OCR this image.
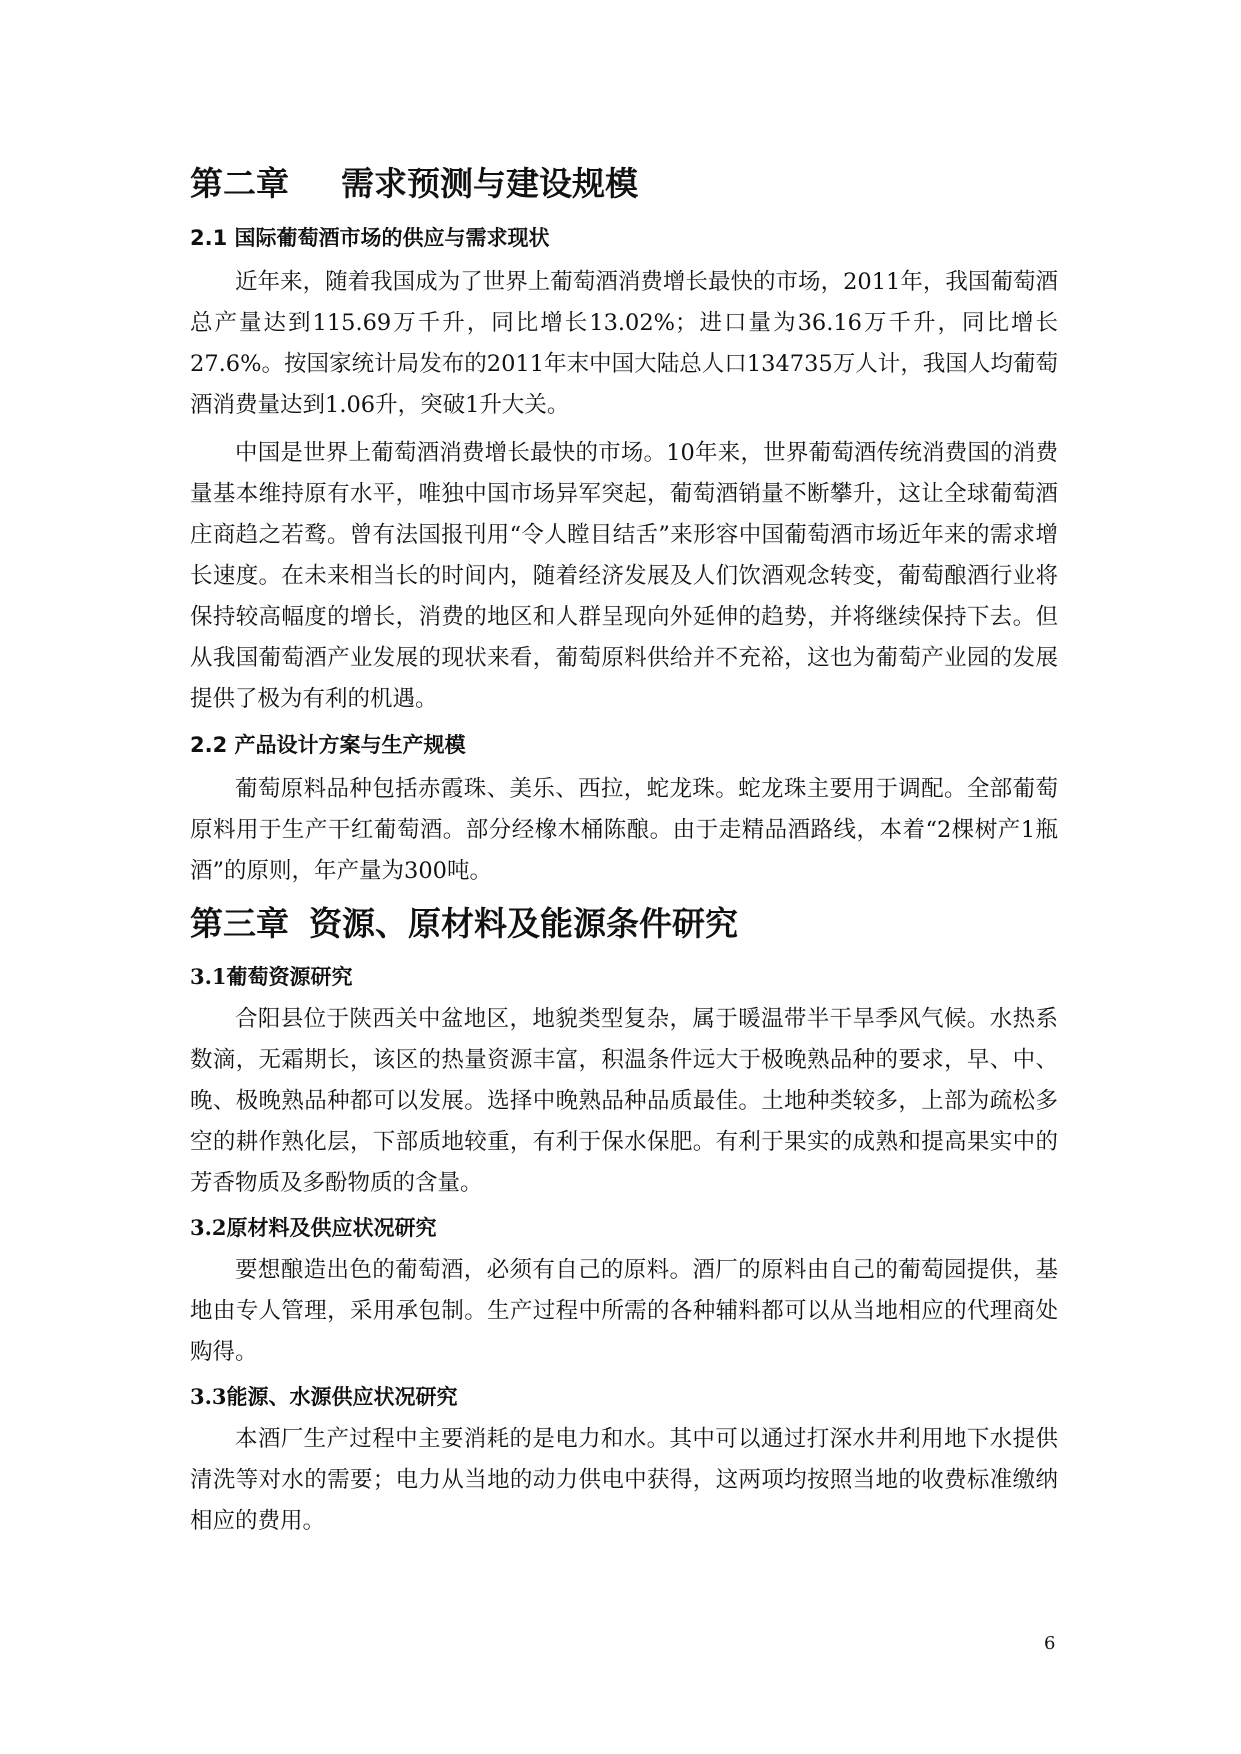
第二章 需求预测与建设规模
2.1 国际葡萄酒市场的供应与需求现状

近年来，随着我国成为了世界上葡萄酒消费增长最快的市场，2011年，我国葡萄酒总产量达到115.69万千升，同比增长13.02%；进口量为36.16万千升，同比增长27.6%。按国家统计局发布的2011年末中国大陆总人口134735万人计，我国人均葡萄酒消费量达到1.06升，突破1升大关。

中国是世界上葡萄酒消费增长最快的市场。10年来，世界葡萄酒传统消费国的消费量基本维持原有水平，唯独中国市场异军突起，葡萄酒销量不断攀升，这让全球葡萄酒庄商趋之若鹜。曾有法国报刊用“令人瞠目结舌”来形容中国葡萄酒市场近年来的需求增长速度。在未来相当长的时间内，随着经济发展及人们饮酒观念转变，葡萄酿酒行业将保持较高幅度的增长，消费的地区和人群呈现向外延伸的趋势，并将继续保持下去。但从我国葡萄酒产业发展的现状来看，葡萄原料供给并不充裕，这也为葡萄产业园的发展提供了极为有利的机遇。

2.2 产品设计方案与生产规模

葡萄原料品种包括赤霞珠、美乐、西拉，蛇龙珠。蛇龙珠主要用于调配。全部葡萄原料用于生产干红葡萄酒。部分经橡木桶陈酿。由于走精品酒路线，本着“2棵树产1瓶酒”的原则，年产量为300吨。

第三章 资源、原材料及能源条件研究
3.1葡萄资源研究

合阳县位于陕西关中盆地区，地貌类型复杂，属于暖温带半干旱季风气候。水热系数滴，无霜期长，该区的热量资源丰富，积温条件远大于极晚熟品种的要求，早、中、晚、极晚熟品种都可以发展。选择中晚熟品种品质最佳。土地种类较多，上部为疏松多空的耕作熟化层，下部质地较重，有利于保水保肥。有利于果实的成熟和提高果实中的芳香物质及多酚物质的含量。

3.2原材料及供应状况研究

要想酿造出色的葡萄酒，必须有自己的原料。酒厂的原料由自己的葡萄园提供，基地由专人管理，采用承包制。生产过程中所需的各种辅料都可以从当地相应的代理商处购得。

3.3能源、水源供应状况研究

本酒厂生产过程中主要消耗的是电力和水。其中可以通过打深水井利用地下水提供清洗等对水的需要；电力从当地的动力供电中获得，这两项均按照当地的收费标准缴纳相应的费用。

6
